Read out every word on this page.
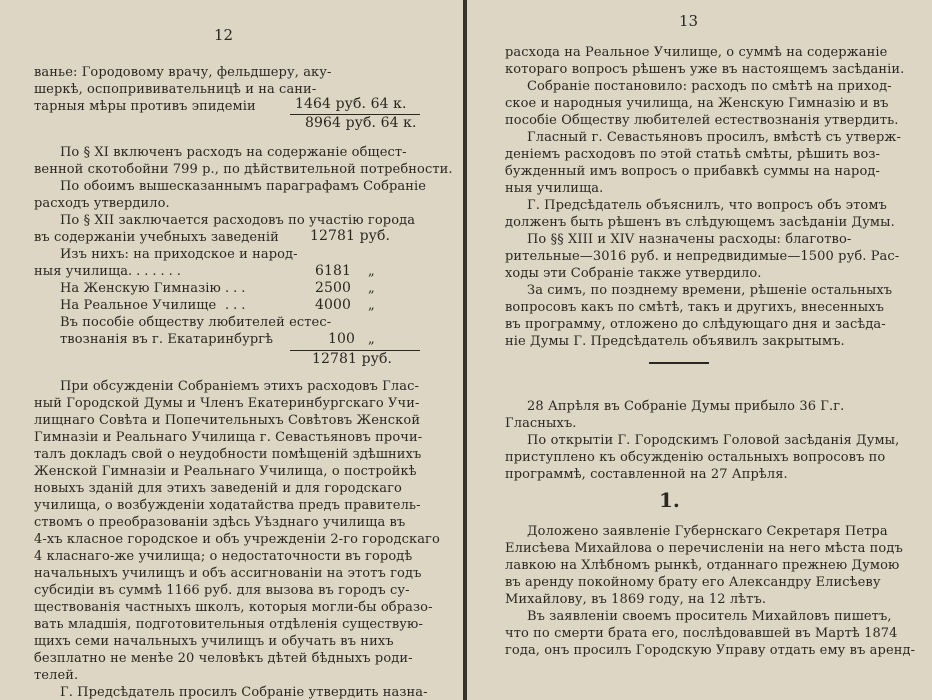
12
ванье: Городовому врачу, фельдшеру, аку-
шеркѣ, оспопрививательницѣ и на сани-
тарныя мѣры противъ эпидеміи	1464 руб. 64 к.
8964 руб. 64 к.
По § XI включенъ расходъ на содержаніе общест-
венной скотобойни 799 р., по дѣйствительной потребности.
По обоимъ вышесказаннымъ параграфамъ Собраніе
расходъ утвердило.
По § XII заключается расходовъ по участію города
въ содержаніи учебныхъ заведеній 12781 руб.
Изъ нихъ: на приходское и народ-
ныя училища .......	6181 „
На Женскую Гимназію ...	2500 „
На Реальное Училище ...	4000 „
Въ пособіе обществу любителей естес-
твознанія въ г. Екатаринбургѣ	100 „
12781 руб.
При обсужденіи Собраніемъ этихъ расходовъ Глас-
ный Городской Думы и Членъ Екатеринбургскаго Учи-
лищнаго Совѣта и Попечительныхъ Совѣтовъ Женской
Гимназіи и Реальнаго Училища г. Севастьяновъ прочи-
талъ докладъ свой о неудобности помѣщеній здѣшнихъ
Женской Гимназіи и Реальнаго Училища, о постройкѣ
новыхъ зданій для этихъ заведеній и для городскаго
училища, о возбужденіи ходатайства предъ правитель-
ствомъ о преобразованіи здѣсь Уѣзднаго училища въ
4-хъ класное городское и объ учрежденіи 2-го городскаго
4 класнаго-же училища; о недостаточности въ городѣ
начальныхъ училищъ и объ ассигнованіи на этотъ годъ
субсидіи въ суммѣ 1166 руб. для вызова въ городъ су-
ществованія частныхъ школъ, которыя могли-бы образо-
вать младшія, подготовительныя отдѣленія существую-
щихъ семи начальныхъ училищъ и обучать въ нихъ
безплатно не менѣе 20 человѣкъ дѣтей бѣдныхъ роди-
телей.
Г. Предсѣдатель просилъ Собраніе утвердить назна-
13
расхода на Реальное Училище, о суммѣ на содержаніе
котораго вопросъ рѣшенъ уже въ настоящемъ засѣданіи.
Собраніе постановило: расходъ по смѣтѣ на приход-
ское и народныя училища, на Женскую Гимназію и въ
пособіе Обществу любителей естествознанія утвердить.
Гласный г. Севастьяновъ просилъ, вмѣстѣ съ утверж-
деніемъ расходовъ по этой статьѣ смѣты, рѣшить воз-
бужденный имъ вопросъ о прибавкѣ суммы на народ-
ныя училища.
Г. Предсѣдатель объяснилъ, что вопросъ объ этомъ
долженъ быть рѣшенъ въ слѣдующемъ засѣданіи Думы.
По §§ XIII и XIV назначены расходы: благотво-
рительные—3016 руб. и непредвидимые—1500 руб. Рас-
ходы эти Собраніе также утвердило.
За симъ, по позднему времени, рѣшеніе остальныхъ
вопросовъ какъ по смѣтѣ, такъ и другихъ, внесенныхъ
въ программу, отложено до слѣдующаго дня и засѣда-
ніе Думы Г. Предсѣдатель объявилъ закрытымъ.
28 Апрѣля въ Собраніе Думы прибыло 36 Г.г.
Гласныхъ.
По открытіи Г. Городскимъ Головой засѣданія Думы,
приступлено къ обсужденію остальныхъ вопросовъ по
программѣ, составленной на 27 Апрѣля.
1.
Доложено заявленіе Губернскаго Секретаря Петра
Елисѣева Михайлова о перечисленіи на него мѣста подъ
лавкою на Хлѣбномъ рынкѣ, отданнаго прежнею Думою
въ аренду покойному брату его Александру Елисѣеву
Михайлову, въ 1869 году, на 12 лѣтъ.
Въ заявленіи своемъ проситель Михайловъ пишетъ,
что по смерти брата его, послѣдовавшей въ Мартѣ 1874
года, онъ просилъ Городскую Управу отдать ему въ аренд-
